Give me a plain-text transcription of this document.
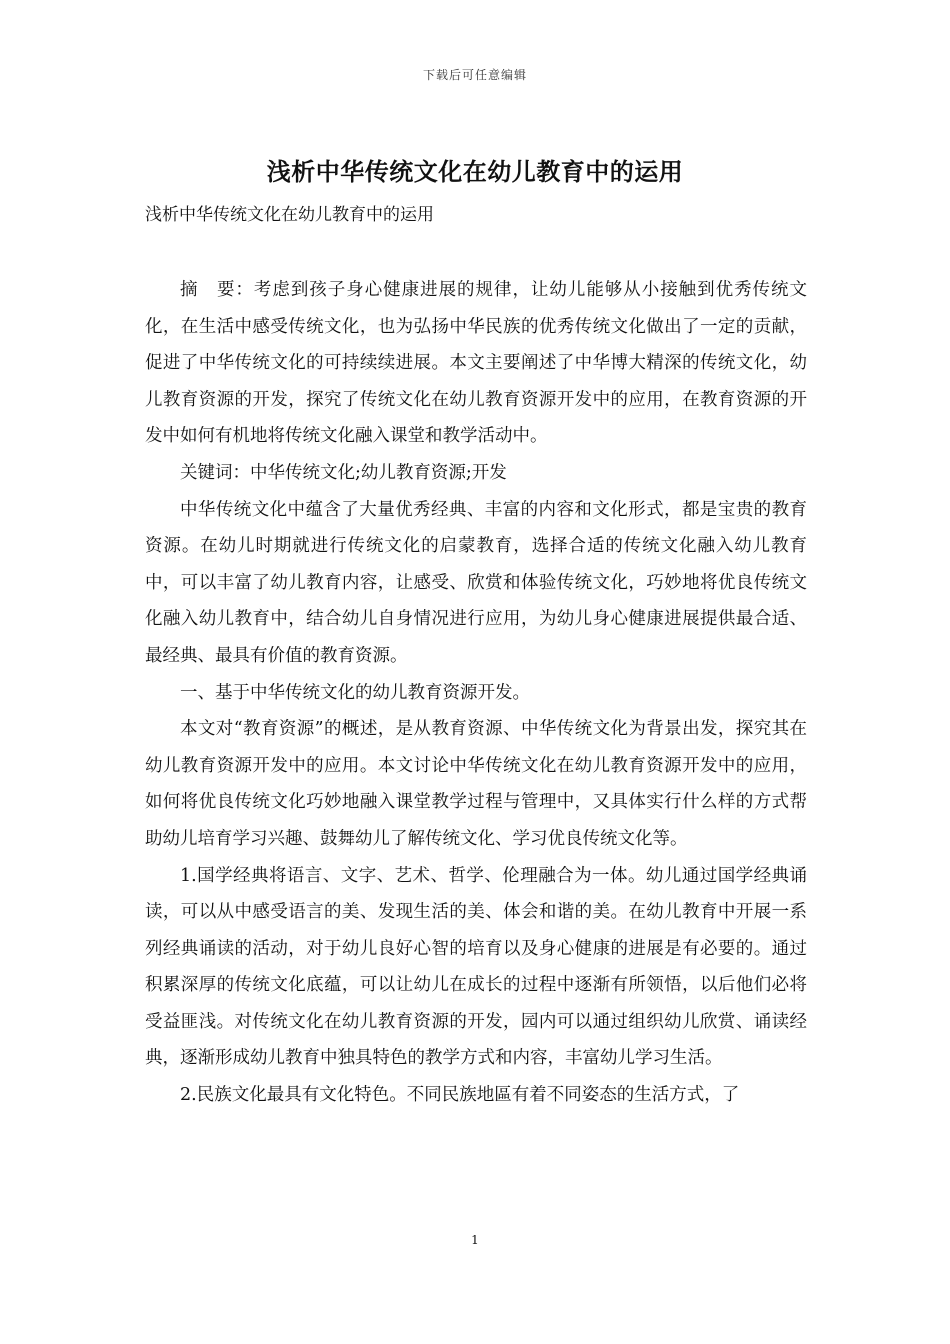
下载后可任意编辑
浅析中华传统文化在幼儿教育中的运用
浅析中华传统文化在幼儿教育中的运用

摘　要：考虑到孩子身心健康进展的规律，让幼儿能够从小接触到优秀传统文化，在生活中感受传统文化，也为弘扬中华民族的优秀传统文化做出了一定的贡献，促进了中华传统文化的可持续续进展。本文主要阐述了中华博大精深的传统文化，幼儿教育资源的开发，探究了传统文化在幼儿教育资源开发中的应用，在教育资源的开发中如何有机地将传统文化融入课堂和教学活动中。

关键词：中华传统文化;幼儿教育资源;开发

中华传统文化中蕴含了大量优秀经典、丰富的内容和文化形式，都是宝贵的教育资源。在幼儿时期就进行传统文化的启蒙教育，选择合适的传统文化融入幼儿教育中，可以丰富了幼儿教育内容，让感受、欣赏和体验传统文化，巧妙地将优良传统文化融入幼儿教育中，结合幼儿自身情况进行应用，为幼儿身心健康进展提供最合适、最经典、最具有价值的教育资源。

一、基于中华传统文化的幼儿教育资源开发。

本文对“教育资源”的概述，是从教育资源、中华传统文化为背景出发，探究其在幼儿教育资源开发中的应用。本文讨论中华传统文化在幼儿教育资源开发中的应用，如何将优良传统文化巧妙地融入课堂教学过程与管理中，又具体实行什么样的方式帮助幼儿培育学习兴趣、鼓舞幼儿了解传统文化、学习优良传统文化等。

1.国学经典将语言、文字、艺术、哲学、伦理融合为一体。幼儿通过国学经典诵读，可以从中感受语言的美、发现生活的美、体会和谐的美。在幼儿教育中开展一系列经典诵读的活动，对于幼儿良好心智的培育以及身心健康的进展是有必要的。通过积累深厚的传统文化底蕴，可以让幼儿在成长的过程中逐渐有所领悟，以后他们必将受益匪浅。对传统文化在幼儿教育资源的开发，园内可以通过组织幼儿欣赏、诵读经典，逐渐形成幼儿教育中独具特色的教学方式和内容，丰富幼儿学习生活。

2.民族文化最具有文化特色。不同民族地區有着不同姿态的生活方式，了

1
